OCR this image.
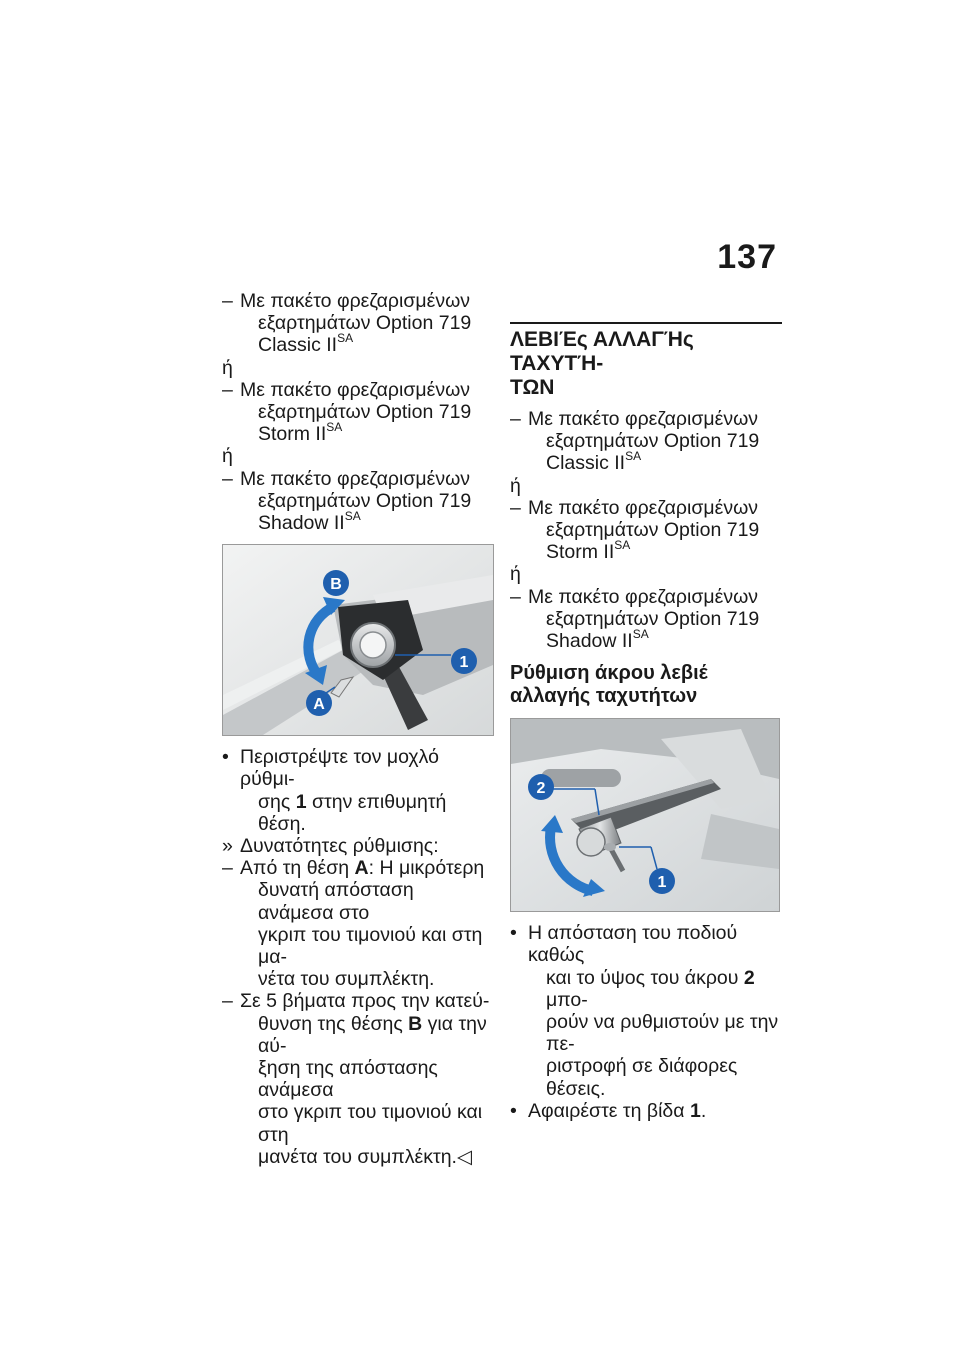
137
– Με πακέτο φρεζαρισμένων
εξαρτημάτων Option 719
Classic $II^{SA}$
ή
– Με πακέτο φρεζαρισμένων
εξαρτημάτων Option 719
Storm $II^{SA}$
ή
– Με πακέτο φρεζαρισμένων
εξαρτημάτων Option 719
Shadow $II^{SA}$
B
A
1
• Περιστρέψτε τον μοχλό ρύθμι-
σης 1 στην επιθυμητή θέση.
» Δυνατότητες ρύθμισης:
– Από τη θέση A: Η μικρότερη
δυνατή απόσταση ανάμεσα στο
γκριπ του τιμονιού και στη μα-
νέτα του συμπλέκτη.
– Σε 5 βήματα προς την κατεύ-
θυνση της θέσης B για την αύ-
ξηση της απόστασης ανάμεσα
στο γκριπ του τιμονιού και στη
μανέτα του συμπλέκτη.◁
ΛΕΒΙΈς ΑΛΛΑΓΉς ΤΑΧΥΤΉ-
ΤΩΝ
– Με πακέτο φρεζαρισμένων
εξαρτημάτων Option 719
Classic $II^{SA}$
ή
– Με πακέτο φρεζαρισμένων
εξαρτημάτων Option 719
Storm $II^{SA}$
ή
– Με πακέτο φρεζαρισμένων
εξαρτημάτων Option 719
Shadow $II^{SA}$
Ρύθμιση άκρου λεβιέ
αλλαγής ταχυτήτων
2
1
• Η απόσταση του ποδιού καθώς
και το ύψος του άκρου 2 μπο-
ρούν να ρυθμιστούν με την πε-
ριστροφή σε διάφορες θέσεις.
• Αφαιρέστε τη βίδα 1.
